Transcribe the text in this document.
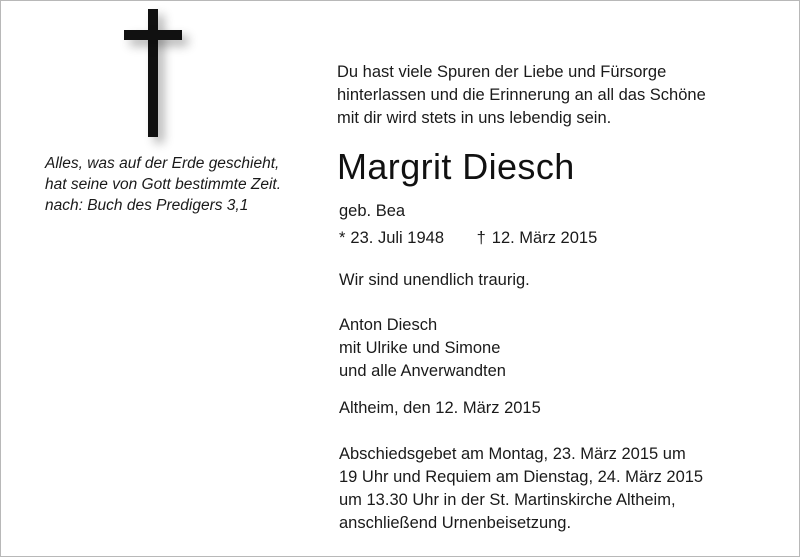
Alles, was auf der Erde geschieht,
hat seine von Gott bestimmte Zeit.
nach: Buch des Predigers 3,1
Du hast viele Spuren der Liebe und Fürsorge
hinterlassen und die Erinnerung an all das Schöne
mit dir wird stets in uns lebendig sein.
Margrit Diesch
geb. Bea
* 23. Juli 1948 † 12. März 2015
Wir sind unendlich traurig.
Anton Diesch
mit Ulrike und Simone
und alle Anverwandten
Altheim, den 12. März 2015
Abschiedsgebet am Montag, 23. März 2015 um
19 Uhr und Requiem am Dienstag, 24. März 2015
um 13.30 Uhr in der St. Martinskirche Altheim,
anschließend Urnenbeisetzung.
